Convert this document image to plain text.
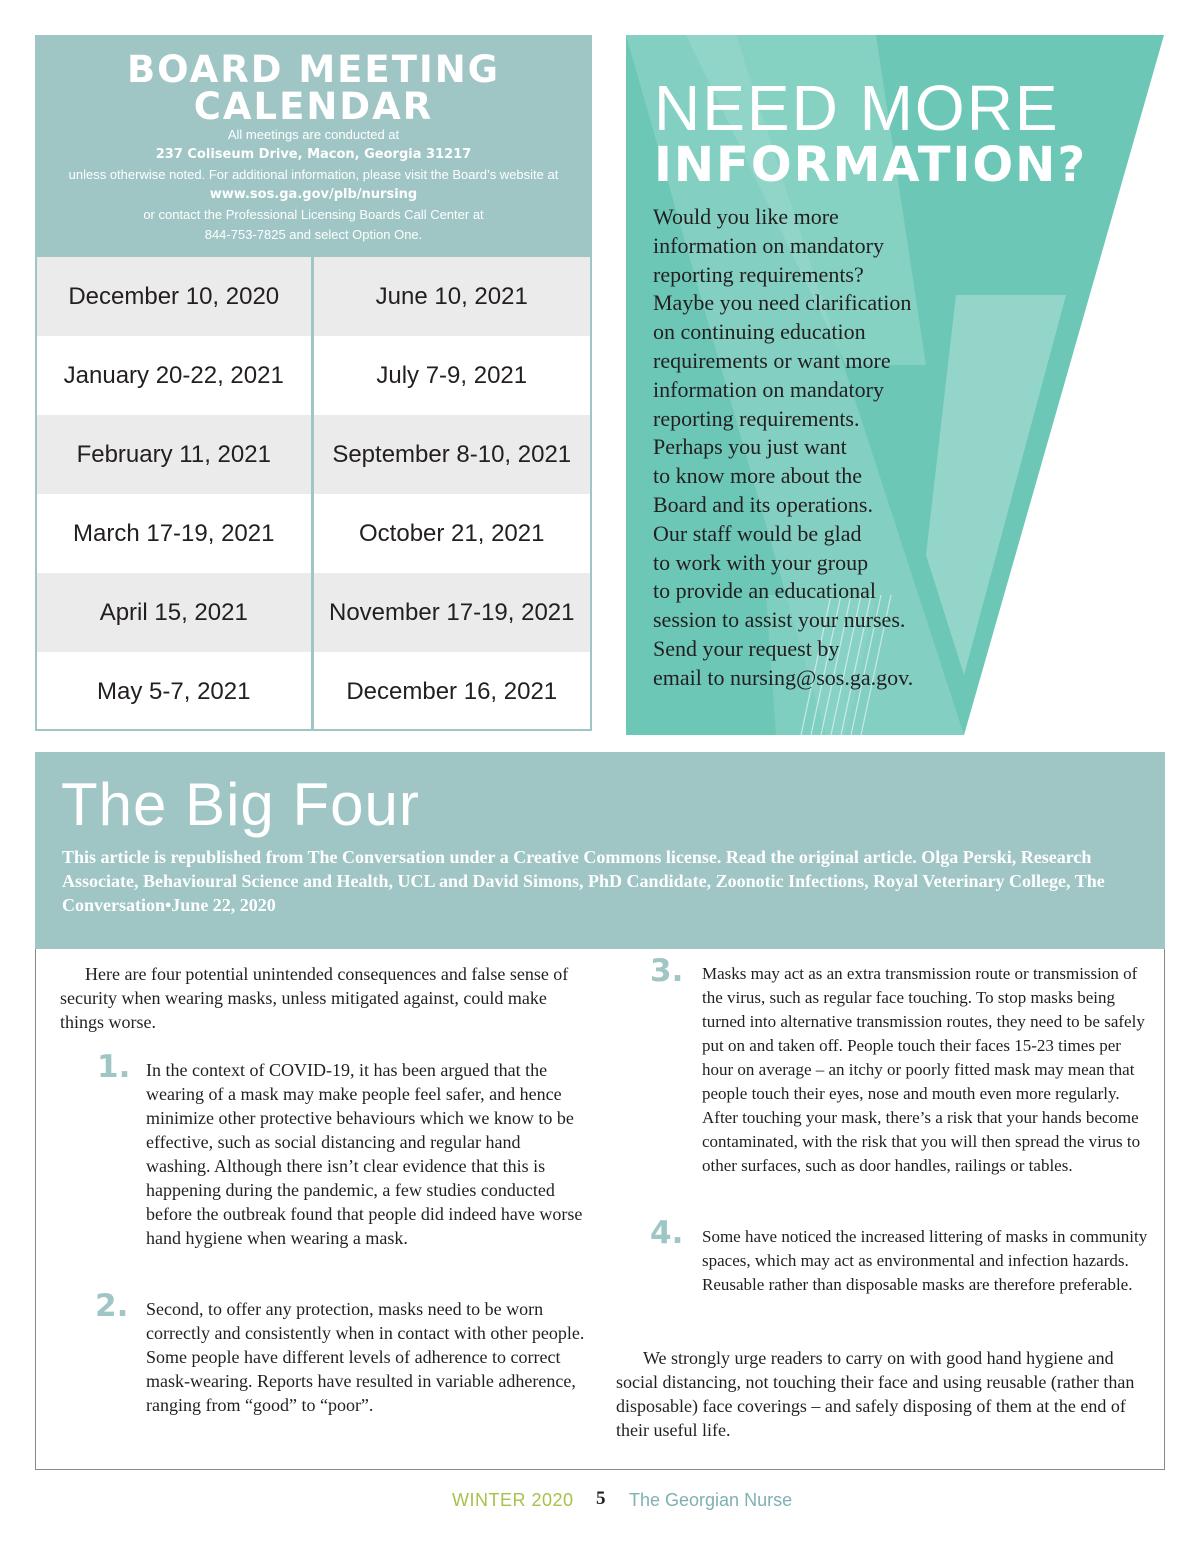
BOARD MEETING
CALENDAR
All meetings are conducted at
237 Coliseum Drive, Macon, Georgia 31217
unless otherwise noted. For additional information, please visit the Board’s website at
www.sos.ga.gov/plb/nursing
or contact the Professional Licensing Boards Call Center at
844-753-7825 and select Option One.
December 10, 2020	June 10, 2021
January 20-22, 2021	July 7-9, 2021
February 11, 2021	September 8-10, 2021
March 17-19, 2021	October 21, 2021
April 15, 2021	November 17-19, 2021
May 5-7, 2021	December 16, 2021
NEED MORE
INFORMATION?
Would you like more
information on mandatory
reporting requirements?
Maybe you need clarification
on continuing education
requirements or want more
information on mandatory
reporting requirements.
Perhaps you just want
to know more about the
Board and its operations.
Our staff would be glad
to work with your group
to provide an educational
session to assist your nurses.
Send your request by
email to nursing@sos.ga.gov.
The Big Four
This article is republished from The Conversation under a Creative Commons license. Read the original article. Olga Perski, Research Associate, Behavioural Science and Health, UCL and David Simons, PhD Candidate, Zoonotic Infections, Royal Veterinary College, The Conversation•June 22, 2020
Here are four potential unintended consequences and false sense of security when wearing masks, unless mitigated against, could make things worse.
1. In the context of COVID-19, it has been argued that the wearing of a mask may make people feel safer, and hence minimize other protective behaviours which we know to be effective, such as social distancing and regular hand washing. Although there isn’t clear evidence that this is happening during the pandemic, a few studies conducted before the outbreak found that people did indeed have worse hand hygiene when wearing a mask.
2. Second, to offer any protection, masks need to be worn correctly and consistently when in contact with other people. Some people have different levels of adherence to correct mask-wearing. Reports have resulted in variable adherence, ranging from “good” to “poor”.
3. Masks may act as an extra transmission route or transmission of the virus, such as regular face touching. To stop masks being turned into alternative transmission routes, they need to be safely put on and taken off. People touch their faces 15-23 times per hour on average – an itchy or poorly fitted mask may mean that people touch their eyes, nose and mouth even more regularly. After touching your mask, there’s a risk that your hands become contaminated, with the risk that you will then spread the virus to other surfaces, such as door handles, railings or tables.
4. Some have noticed the increased littering of masks in community spaces, which may act as environmental and infection hazards. Reusable rather than disposable masks are therefore preferable.
We strongly urge readers to carry on with good hand hygiene and social distancing, not touching their face and using reusable (rather than disposable) face coverings – and safely disposing of them at the end of their useful life.
WINTER 2020 5 The Georgian Nurse
